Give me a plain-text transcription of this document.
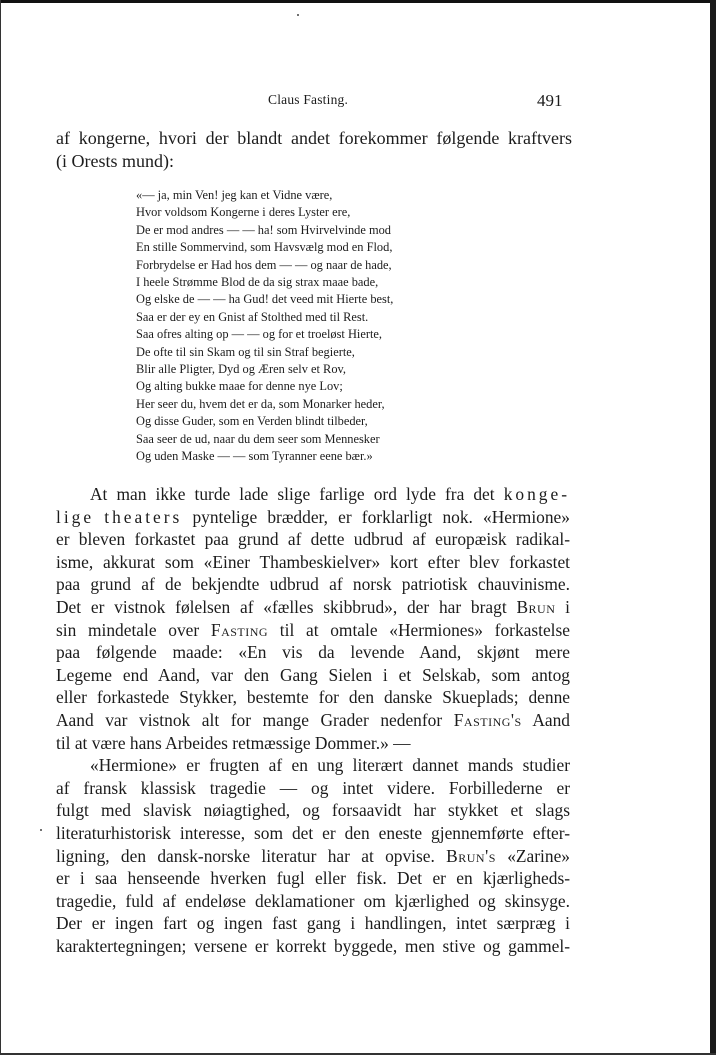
Claus Fasting.	491

af kongerne, hvori der blandt andet forekommer følgende kraftvers

(i Orests mund):

«— ja, min Ven! jeg kan et Vidne være,
Hvor voldsom Kongerne i deres Lyster ere,
De er mod andres — — ha! som Hvirvelvinde mod
En stille Sommervind, som Havsvælg mod en Flod,
Forbrydelse er Had hos dem — — og naar de hade,
I heele Strømme Blod de da sig strax maae bade,
Og elske de — — ha Gud! det veed mit Hierte best,
Saa er der ey en Gnist af Stolthed med til Rest.
Saa ofres alting op — — og for et troeløst Hierte,
De ofte til sin Skam og til sin Straf begierte,
Blir alle Pligter, Dyd og Æren selv et Rov,
Og alting bukke maae for denne nye Lov;
Her seer du, hvem det er da, som Monarker heder,
Og disse Guder, som en Verden blindt tilbeder,
Saa seer de ud, naar du dem seer som Mennesker
Og uden Maske — — som Tyranner eene bær.»

At man ikke turde lade slige farlige ord lyde fra det konge-

lige theaters pyntelige brædder, er forklarligt nok. «Hermione»

er bleven forkastet paa grund af dette udbrud af europæisk radikal-

isme, akkurat som «Einer Thambeskielver» kort efter blev forkastet

paa grund af de bekjendte udbrud af norsk patriotisk chauvinisme.

Det er vistnok følelsen af «fælles skibbrud», der har bragt Brun i

sin mindetale over Fasting til at omtale «Hermiones» forkastelse

paa følgende maade: «En vis da levende Aand, skjønt mere

Legeme end Aand, var den Gang Sielen i et Selskab, som antog

eller forkastede Stykker, bestemte for den danske Skueplads; denne

Aand var vistnok alt for mange Grader nedenfor Fasting's Aand

til at være hans Arbeides retmæssige Dommer.» —

«Hermione» er frugten af en ung literært dannet mands studier

af fransk klassisk tragedie — og intet videre. Forbillederne er

fulgt med slavisk nøiagtighed, og forsaavidt har stykket et slags

literaturhistorisk interesse, som det er den eneste gjennemførte efter-

ligning, den dansk-norske literatur har at opvise. Brun's «Zarine»

er i saa henseende hverken fugl eller fisk. Det er en kjærligheds-

tragedie, fuld af endeløse deklamationer om kjærlighed og skinsyge.

Der er ingen fart og ingen fast gang i handlingen, intet særpræg i

karaktertegningen; versene er korrekt byggede, men stive og gammel-
